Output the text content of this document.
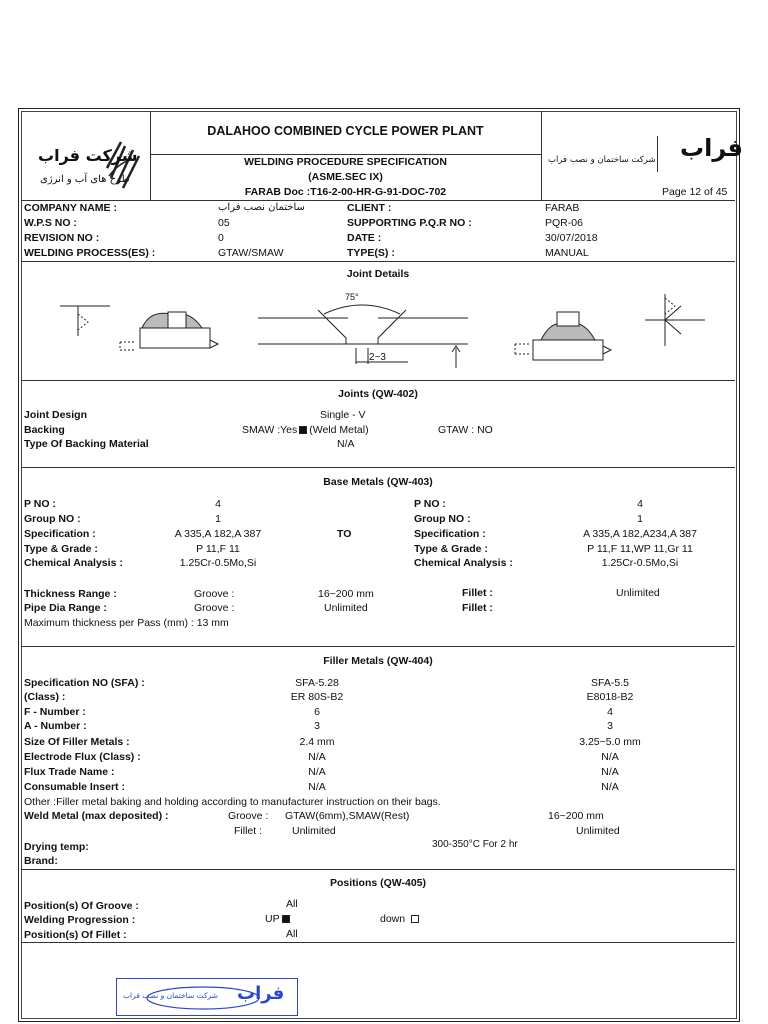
شرکت فراب
طرح های آب و انرژی
DALAHOO COMBINED CYCLE POWER PLANT
WELDING PROCEDURE SPECIFICATION
(ASME.SEC IX)
FARAB Doc :T16-2-00-HR-G-91-DOC-702
فراب
شرکت ساختمان و نصب فراب
Page 12 of 45
COMPANY NAME :	ساختمان نصب فراب
W.P.S NO :	05
REVISION NO :	0
WELDING PROCESS(ES) :	GTAW/SMAW
CLIENT :	FARAB
SUPPORTING P.Q.R NO :	PQR-06
DATE :	30/07/2018
TYPE(S) :	MANUAL
Joint Details
75°
2~3
Joints (QW-402)
Joint Design	Single - V
Backing	SMAW :Yes (Weld Metal)	GTAW : NO
Type Of Backing Material	N/A
Base Metals (QW-403)
P NO :	4
Group NO :	1
Specification :	A 335,A 182,A 387
Type & Grade :	P 11,F 11
Chemical Analysis :	1.25Cr-0.5Mo,Si
TO
P NO :	4
Group NO :	1
Specification :	A 335,A 182,A234,A 387
Type & Grade :	P 11,F 11,WP 11,Gr 11
Chemical Analysis :	1.25Cr-0.5Mo,Si
Thickness Range :	Groove :	16~200 mm	Fillet :	Unlimited
Pipe Dia Range :	Groove :	Unlimited	Fillet :
Maximum thickness per Pass (mm) : 13 mm
Filler Metals (QW-404)
Specification NO (SFA) :	SFA-5.28	SFA-5.5
(Class) :	ER 80S-B2	E8018-B2
F - Number :	6	4
A - Number :	3	3
Size Of Filler Metals :	2.4 mm	3.25~5.0 mm
Electrode Flux (Class) :	N/A	N/A
Flux Trade Name :	N/A	N/A
Consumable Insert :	N/A	N/A
Other :Filler metal baking and holding according to manufacturer instruction on their bags.
Weld Metal (max deposited) :	Groove : GTAW(6mm),SMAW(Rest)	16~200 mm
Fillet :	Unlimited	Unlimited
Drying temp:	300-350°C For 2 hr
Brand:
Positions (QW-405)
Position(s) Of Groove :	All
Welding Progression :	UP	down
Position(s) Of Fillet :	All
فراب
شرکت ساختمان و نصب فراب
